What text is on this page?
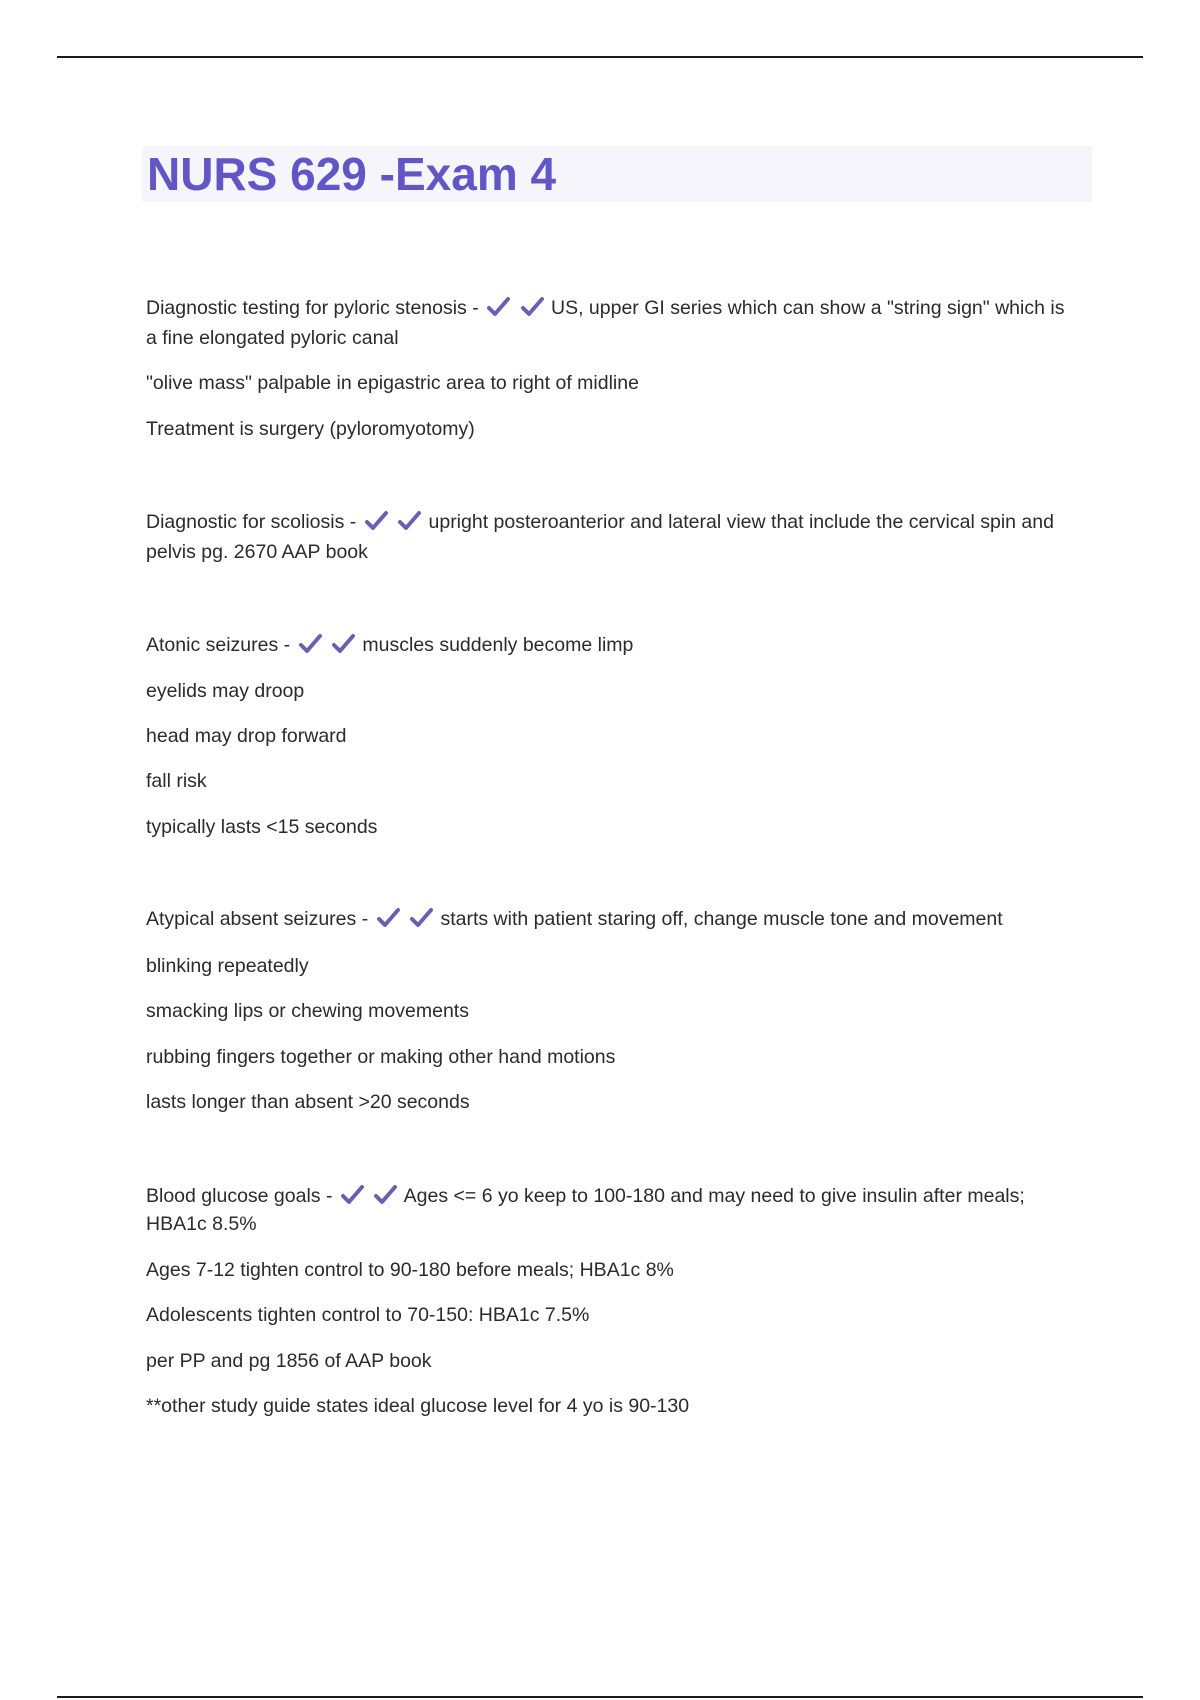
NURS 629 -Exam 4
Diagnostic testing for pyloric stenosis -
	US, upper GI series which can show a "string sign" which is
a fine elongated pyloric canal
"olive mass" palpable in epigastric area to right of midline
Treatment is surgery (pyloromyotomy)
Diagnostic for scoliosis -
	upright posteroanterior and lateral view that include the cervical spin and
pelvis pg. 2670 AAP book
Atonic seizures -
	muscles suddenly become limp
eyelids may droop
head may drop forward
fall risk
typically lasts <15 seconds
Atypical absent seizures -
	starts with patient staring off, change muscle tone and movement
blinking repeatedly
smacking lips or chewing movements
rubbing fingers together or making other hand motions
lasts longer than absent >20 seconds
Blood glucose goals -
	Ages <= 6 yo keep to 100-180 and may need to give insulin after meals;
HBA1c 8.5%
Ages 7-12 tighten control to 90-180 before meals; HBA1c 8%
Adolescents tighten control to 70-150: HBA1c 7.5%
per PP and pg 1856 of AAP book
**other study guide states ideal glucose level for 4 yo is 90-130
